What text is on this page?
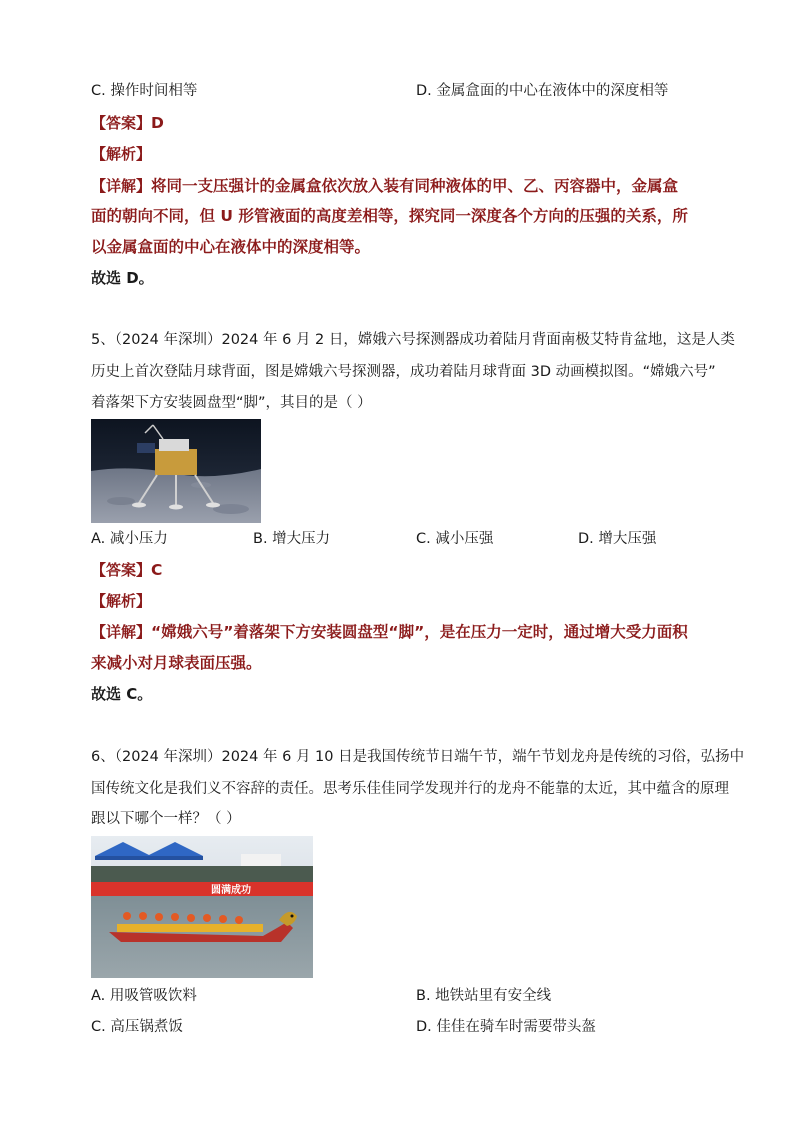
C. 操作时间相等	D. 金属盒面的中心在液体中的深度相等
【答案】D
【解析】
【详解】将同一支压强计的金属盒依次放入装有同种液体的甲、乙、丙容器中，金属盒
面的朝向不同，但 U 形管液面的高度差相等，探究同一深度各个方向的压强的关系，所
以金属盒面的中心在液体中的深度相等。
故选 D。
5、（2024 年深圳）2024 年 6 月 2 日，嫦娥六号探测器成功着陆月背面南极艾特肯盆地，这是人类
历史上首次登陆月球背面，图是嫦娥六号探测器，成功着陆月球背面 3D 动画模拟图。“嫦娥六号”
着落架下方安装圆盘型“脚”，其目的是（ ）
A. 减小压力	B. 增大压力	C. 减小压强	D. 增大压强
【答案】C
【解析】
【详解】“嫦娥六号”着落架下方安装圆盘型“脚”，是在压力一定时，通过增大受力面积
来减小对月球表面压强。
故选 C。
6、（2024 年深圳）2024 年 6 月 10 日是我国传统节日端午节，端午节划龙舟是传统的习俗，弘扬中
国传统文化是我们义不容辞的责任。思考乐佳佳同学发现并行的龙舟不能靠的太近，其中蕴含的原理
跟以下哪个一样？（ ）
圆满成功
A. 用吸管吸饮料	B. 地铁站里有安全线
C. 高压锅煮饭	D. 佳佳在骑车时需要带头盔
